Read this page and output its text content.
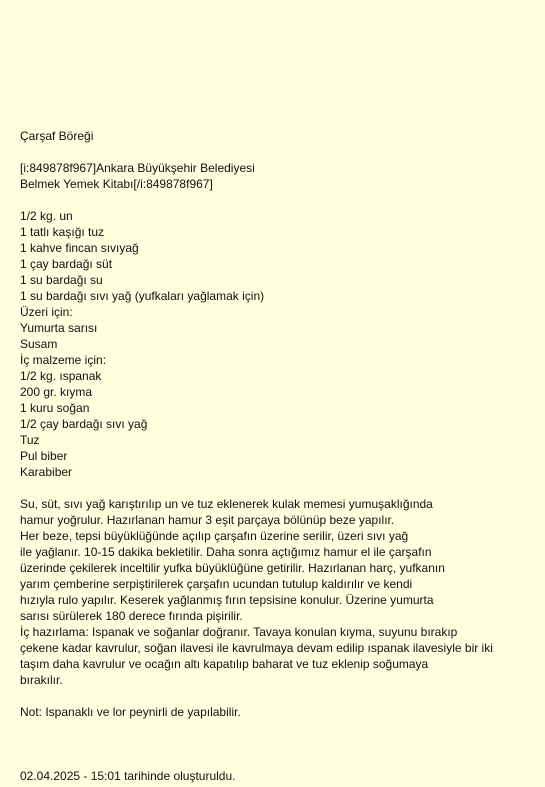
Çarşaf Böreği
[i:849878f967]Ankara Büyükşehir Belediyesi
Belmek Yemek Kitabı[/i:849878f967]
1/2 kg. un
1 tatlı kaşığı tuz
1 kahve fincan sıvıyağ
1 çay bardağı süt
1 su bardağı su
1 su bardağı sıvı yağ (yufkaları yağlamak için)
Üzeri için:
Yumurta sarısı
Susam
İç malzeme için:
1/2 kg. ıspanak
200 gr. kıyma
1 kuru soğan
1/2 çay bardağı sıvı yağ
Tuz
Pul biber
Karabiber
Su, süt, sıvı yağ karıştırılıp un ve tuz eklenerek kulak memesi yumuşaklığında
hamur yoğrulur. Hazırlanan hamur 3 eşit parçaya bölünüp beze yapılır.
Her beze, tepsi büyüklüğünde açılıp çarşafın üzerine serilir, üzeri sıvı yağ
ile yağlanır. 10-15 dakika bekletilir. Daha sonra açtığımız hamur el ile çarşafın
üzerinde çekilerek inceltilir yufka büyüklüğüne getirilir. Hazırlanan harç, yufkanın
yarım çemberine serpiştirilerek çarşafın ucundan tutulup kaldırılır ve kendi
hızıyla rulo yapılır. Keserek yağlanmış fırın tepsisine konulur. Üzerine yumurta
sarısı sürülerek 180 derece fırında pişirilir.
İç hazırlama: Ispanak ve soğanlar doğranır. Tavaya konulan kıyma, suyunu bırakıp
çekene kadar kavrulur, soğan ilavesi ile kavrulmaya devam edilip ıspanak ilavesiyle bir iki
taşım daha kavrulur ve ocağın altı kapatılıp baharat ve tuz eklenip soğumaya
bırakılır.
Not: Ispanaklı ve lor peynirli de yapılabilir.
02.04.2025 - 15:01 tarihinde oluşturuldu.
